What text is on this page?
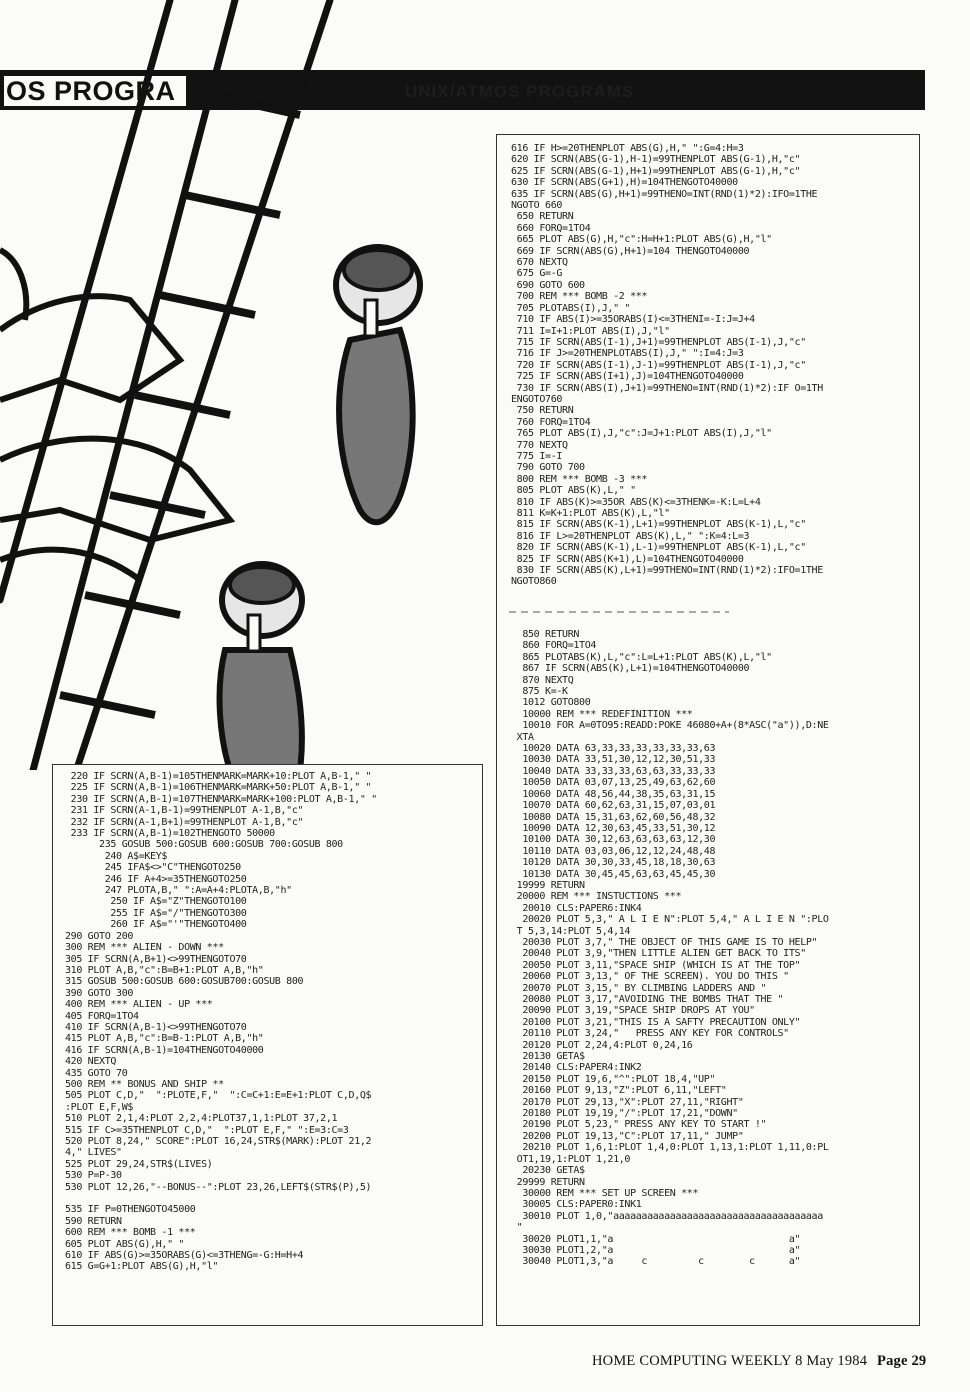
OS PROGRA	UNIX/ATMOS PROGRAMS
616 IF H>=20THENPLOT ABS(G),H," ":G=4:H=3
620 IF SCRN(ABS(G-1),H-1)=99THENPLOT ABS(G-1),H,"c"
625 IF SCRN(ABS(G-1),H+1)=99THENPLOT ABS(G-1),H,"c"
630 IF SCRN(ABS(G+1),H)=104THENGOTO40000
635 IF SCRN(ABS(G),H+1)=99THENO=INT(RND(1)*2):IFO=1THE
NGOTO 660
650 RETURN
660 FORQ=1TO4
665 PLOT ABS(G),H,"c":H=H+1:PLOT ABS(G),H,"l"
669 IF SCRN(ABS(G),H+1)=104 THENGOTO40000
670 NEXTQ
675 G=-G
690 GOTO 600
700 REM *** BOMB -2 ***
705 PLOTABS(I),J," "
710 IF ABS(I)>=35ORABS(I)<=3THENI=-I:J=J+4
711 I=I+1:PLOT ABS(I),J,"l"
715 IF SCRN(ABS(I-1),J+1)=99THENPLOT ABS(I-1),J,"c"
716 IF J>=20THENPLOTABS(I),J," ":I=4:J=3
720 IF SCRN(ABS(I-1),J-1)=99THENPLOT ABS(I-1),J,"c"
725 IF SCRN(ABS(I+1),J)=104THENGOTO40000
730 IF SCRN(ABS(I),J+1)=99THENO=INT(RND(1)*2):IF O=1TH
ENGOTO760
750 RETURN
760 FORQ=1TO4
765 PLOT ABS(I),J,"c":J=J+1:PLOT ABS(I),J,"l"
770 NEXTQ
775 I=-I
790 GOTO 700
800 REM *** BOMB -3 ***
805 PLOT ABS(K),L," "
810 IF ABS(K)>=35OR ABS(K)<=3THENK=-K:L=L+4
811 K=K+1:PLOT ABS(K),L,"l"
815 IF SCRN(ABS(K-1),L+1)=99THENPLOT ABS(K-1),L,"c"
816 IF L>=20THENPLOT ABS(K),L," ":K=4:L=3
820 IF SCRN(ABS(K-1),L-1)=99THENPLOT ABS(K-1),L,"c"
825 IF SCRN(ABS(K+1),L)=104THENGOTO40000
830 IF SCRN(ABS(K),L+1)=99THENO=INT(RND(1)*2):IFO=1THE
NGOTO860

850 RETURN
860 FORQ=1TO4
865 PLOTABS(K),L,"c":L=L+1:PLOT ABS(K),L,"l"
867 IF SCRN(ABS(K),L+1)=104THENGOTO40000
870 NEXTQ
875 K=-K
1012 GOTO800
10000 REM *** REDEFINITION ***
10010 FOR A=0TO95:READD:POKE 46080+A+(8*ASC("a")),D:NE
XTA
10020 DATA 63,33,33,33,33,33,33,63
10030 DATA 33,51,30,12,12,30,51,33
10040 DATA 33,33,33,63,63,33,33,33
10050 DATA 03,07,13,25,49,63,62,60
10060 DATA 48,56,44,38,35,63,31,15
10070 DATA 60,62,63,31,15,07,03,01
10080 DATA 15,31,63,62,60,56,48,32
10090 DATA 12,30,63,45,33,51,30,12
10100 DATA 30,12,63,63,63,63,12,30
10110 DATA 03,03,06,12,12,24,48,48
10120 DATA 30,30,33,45,18,18,30,63
10130 DATA 30,45,45,63,63,45,45,30
19999 RETURN
20000 REM *** INSTUCTIONS ***
20010 CLS:PAPER6:INK4
20020 PLOT 5,3," A L I E N":PLOT 5,4," A L I E N ":PLO
T 5,3,14:PLOT 5,4,14
20030 PLOT 3,7," THE OBJECT OF THIS GAME IS TO HELP"
20040 PLOT 3,9,"THEN LITTLE ALIEN GET BACK TO ITS"
20050 PLOT 3,11,"SPACE SHIP (WHICH IS AT THE TOP"
20060 PLOT 3,13," OF THE SCREEN). YOU DO THIS "
20070 PLOT 3,15," BY CLIMBING LADDERS AND "
20080 PLOT 3,17,"AVOIDING THE BOMBS THAT THE "
20090 PLOT 3,19,"SPACE SHIP DROPS AT YOU"
20100 PLOT 3,21,"THIS IS A SAFTY PRECAUTION ONLY"
20110 PLOT 3,24,"   PRESS ANY KEY FOR CONTROLS"
20120 PLOT 2,24,4:PLOT 0,24,16
20130 GETA$
20140 CLS:PAPER4:INK2
20150 PLOT 19,6,"^":PLOT 18,4,"UP"
20160 PLOT 9,13,"Z":PLOT 6,11,"LEFT"
20170 PLOT 29,13,"X":PLOT 27,11,"RIGHT"
20180 PLOT 19,19,"/":PLOT 17,21,"DOWN"
20190 PLOT 5,23," PRESS ANY KEY TO START !"
20200 PLOT 19,13,"C":PLOT 17,11," JUMP"
20210 PLOT 1,6,1:PLOT 1,4,0:PLOT 1,13,1:PLOT 1,11,0:PL
OT1,19,1:PLOT 1,21,0
20230 GETA$
29999 RETURN
30000 REM *** SET UP SCREEN ***
30005 CLS:PAPER0:INK1
30010 PLOT 1,0,"aaaaaaaaaaaaaaaaaaaaaaaaaaaaaaaaaaaaa
"
30020 PLOT1,1,"a                               a"
30030 PLOT1,2,"a                               a"
30040 PLOT1,3,"a     c         c        c      a"

220 IF SCRN(A,B-1)=105THENMARK=MARK+10:PLOT A,B-1," "
225 IF SCRN(A,B-1)=106THENMARK=MARK+50:PLOT A,B-1," "
230 IF SCRN(A,B-1)=107THENMARK=MARK+100:PLOT A,B-1," "
231 IF SCRN(A-1,B-1)=99THENPLOT A-1,B,"c"
232 IF SCRN(A-1,B+1)=99THENPLOT A-1,B,"c"
233 IF SCRN(A,B-1)=102THENGOTO 50000
235 GOSUB 500:GOSUB 600:GOSUB 700:GOSUB 800
240 A$=KEY$
245 IFA$<>"C"THENGOTO250
246 IF A+4>=35THENGOTO250
247 PLOTA,B," ":A=A+4:PLOTA,B,"h"
250 IF A$="Z"THENGOTO100
255 IF A$="/"THENGOTO300
260 IF A$="'"THENGOTO400
290 GOTO 200
300 REM *** ALIEN - DOWN ***
305 IF SCRN(A,B+1)<>99THENGOTO70
310 PLOT A,B,"c":B=B+1:PLOT A,B,"h"
315 GOSUB 500:GOSUB 600:GOSUB700:GOSUB 800
390 GOTO 300
400 REM *** ALIEN - UP ***
405 FORQ=1TO4
410 IF SCRN(A,B-1)<>99THENGOTO70
415 PLOT A,B,"c":B=B-1:PLOT A,B,"h"
416 IF SCRN(A,B-1)=104THENGOTO40000
420 NEXTQ
435 GOTO 70
500 REM ** BONUS AND SHIP **
505 PLOT C,D,"  ":PLOTE,F,"  ":C=C+1:E=E+1:PLOT C,D,Q$
:PLOT E,F,W$
510 PLOT 2,1,4:PLOT 2,2,4:PLOT37,1,1:PLOT 37,2,1
515 IF C>=35THENPLOT C,D,"  ":PLOT E,F," ":E=3:C=3
520 PLOT 8,24," SCORE":PLOT 16,24,STR$(MARK):PLOT 21,2
4," LIVES"
525 PLOT 29,24,STR$(LIVES)
530 P=P-30
530 PLOT 12,26,"--BONUS--":PLOT 23,26,LEFT$(STR$(P),5)

535 IF P=0THENGOTO45000
590 RETURN
600 REM *** BOMB -1 ***
605 PLOT ABS(G),H," "
610 IF ABS(G)>=35ORABS(G)<=3THENG=-G:H=H+4
615 G=G+1:PLOT ABS(G),H,"l"

HOME COMPUTING WEEKLY 8 May 1984 Page 29
